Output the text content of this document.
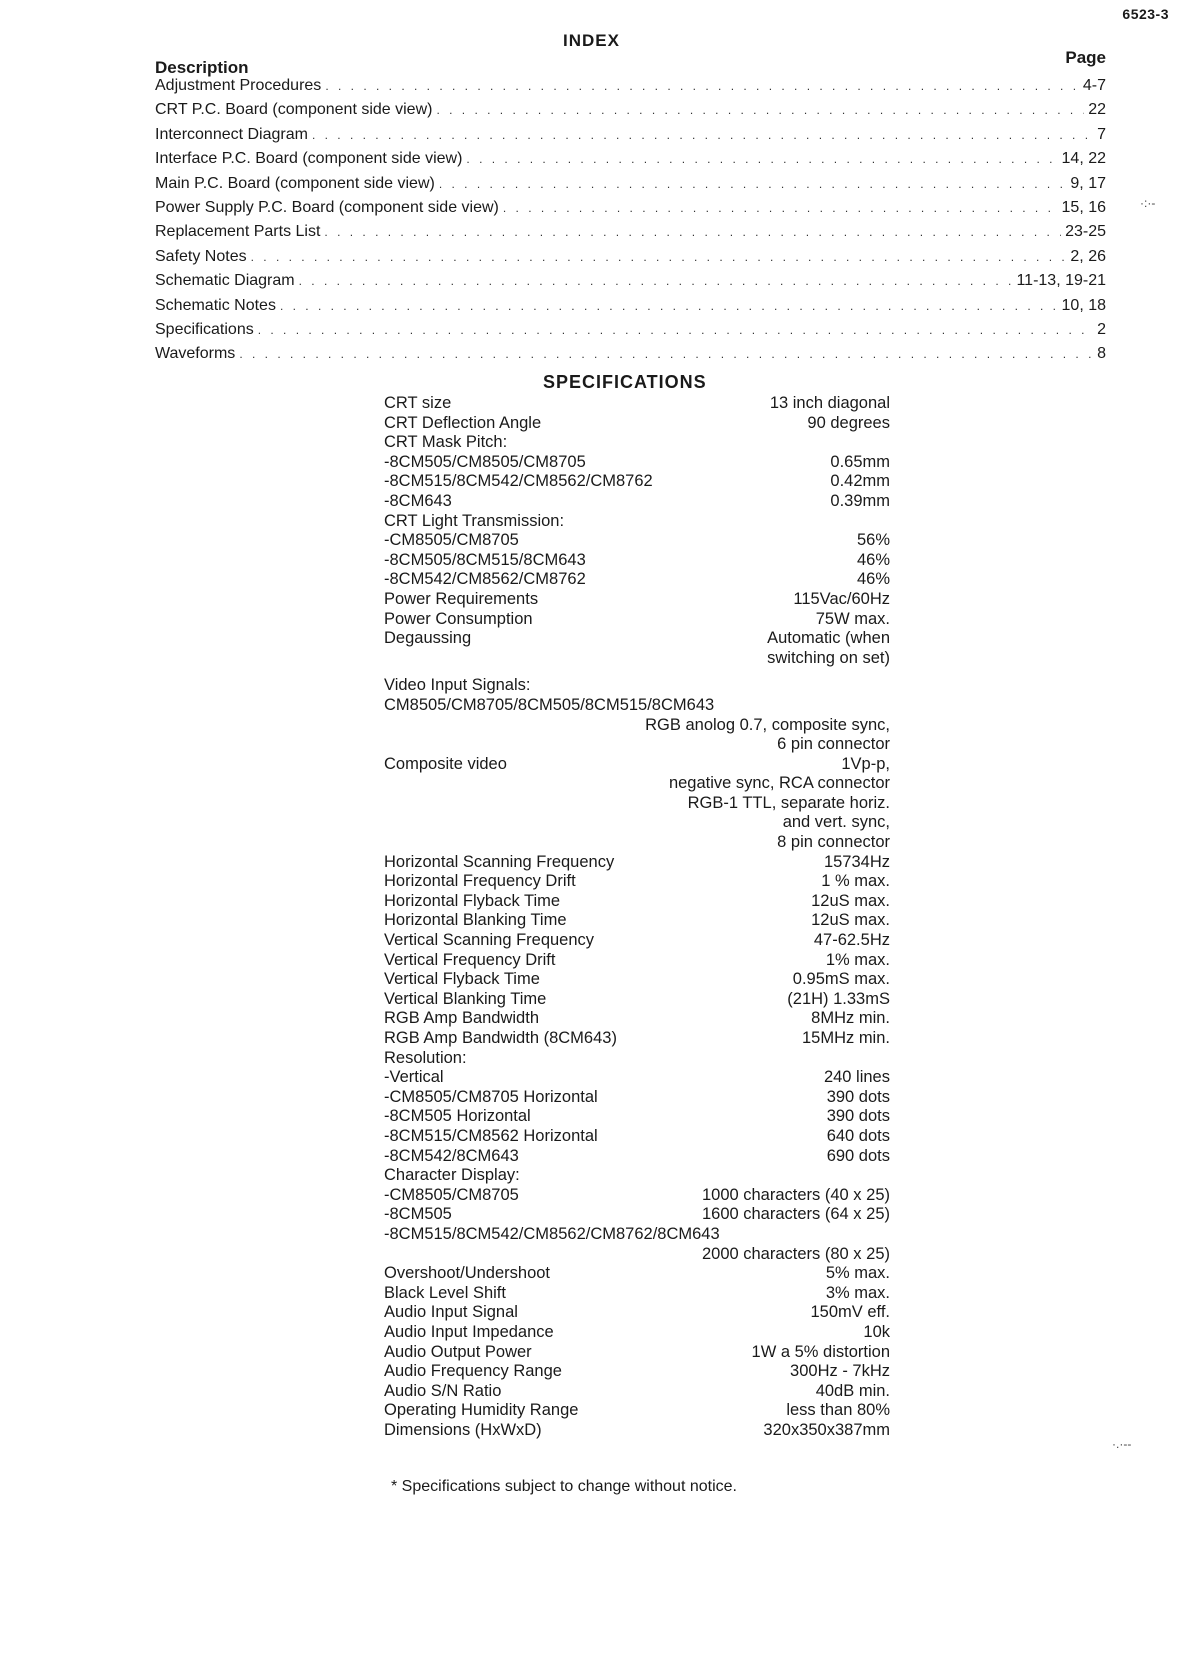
6523-3
INDEX
Description
Page
Adjustment Procedures . . .	4-7
CRT P.C. Board (component side view) . . .	22
Interconnect Diagram . . .	7
Interface P.C. Board (component side view) . . .	14, 22
Main P.C. Board (component side view) . . .	9, 17
Power Supply P.C. Board (component side view) . . .	15, 16
Replacement Parts List . . .	23-25
Safety Notes . . .	2, 26
Schematic Diagram . . .	11-13, 19-21
Schematic Notes . . .	10, 18
Specifications . . .	2
Waveforms . . .	8
SPECIFICATIONS
CRT size	13 inch diagonal
CRT Deflection Angle	90 degrees
CRT Mask Pitch:
-8CM505/CM8505/CM8705	0.65mm
-8CM515/8CM542/CM8562/CM8762	0.42mm
-8CM643	0.39mm
CRT Light Transmission:
-CM8505/CM8705	56%
-8CM505/8CM515/8CM643	46%
-8CM542/CM8562/CM8762	46%
Power Requirements	115Vac/60Hz
Power Consumption	75W max.
Degaussing	Automatic (when
switching on set)
Video Input Signals:
CM8505/CM8705/8CM505/8CM515/8CM643
RGB anolog 0.7, composite sync,
6 pin connector
Composite video	1Vp-p,
negative sync, RCA connector
RGB-1 TTL, separate horiz.
and vert. sync,
8 pin connector
Horizontal Scanning Frequency	15734Hz
Horizontal Frequency Drift	1 % max.
Horizontal Flyback Time	12uS max.
Horizontal Blanking Time	12uS max.
Vertical Scanning Frequency	47-62.5Hz
Vertical Frequency Drift	1% max.
Vertical Flyback Time	0.95mS max.
Vertical Blanking Time	(21H) 1.33mS
RGB Amp Bandwidth	8MHz min.
RGB Amp Bandwidth (8CM643)	15MHz min.
Resolution:
-Vertical	240 lines
-CM8505/CM8705 Horizontal	390 dots
-8CM505 Horizontal	390 dots
-8CM515/CM8562 Horizontal	640 dots
-8CM542/8CM643	690 dots
Character Display:
-CM8505/CM8705	1000 characters (40 x 25)
-8CM505	1600 characters (64 x 25)
-8CM515/8CM542/CM8562/CM8762/8CM643
2000 characters (80 x 25)
Overshoot/Undershoot	5% max.
Black Level Shift	3% max.
Audio Input Signal	150mV eff.
Audio Input Impedance	10k
Audio Output Power	1W a 5% distortion
Audio Frequency Range	300Hz - 7kHz
Audio S/N Ratio	40dB min.
Operating Humidity Range	less than 80%
Dimensions (HxWxD)	320x350x387mm
* Specifications subject to change without notice.
·:·‐
·.·-‐
